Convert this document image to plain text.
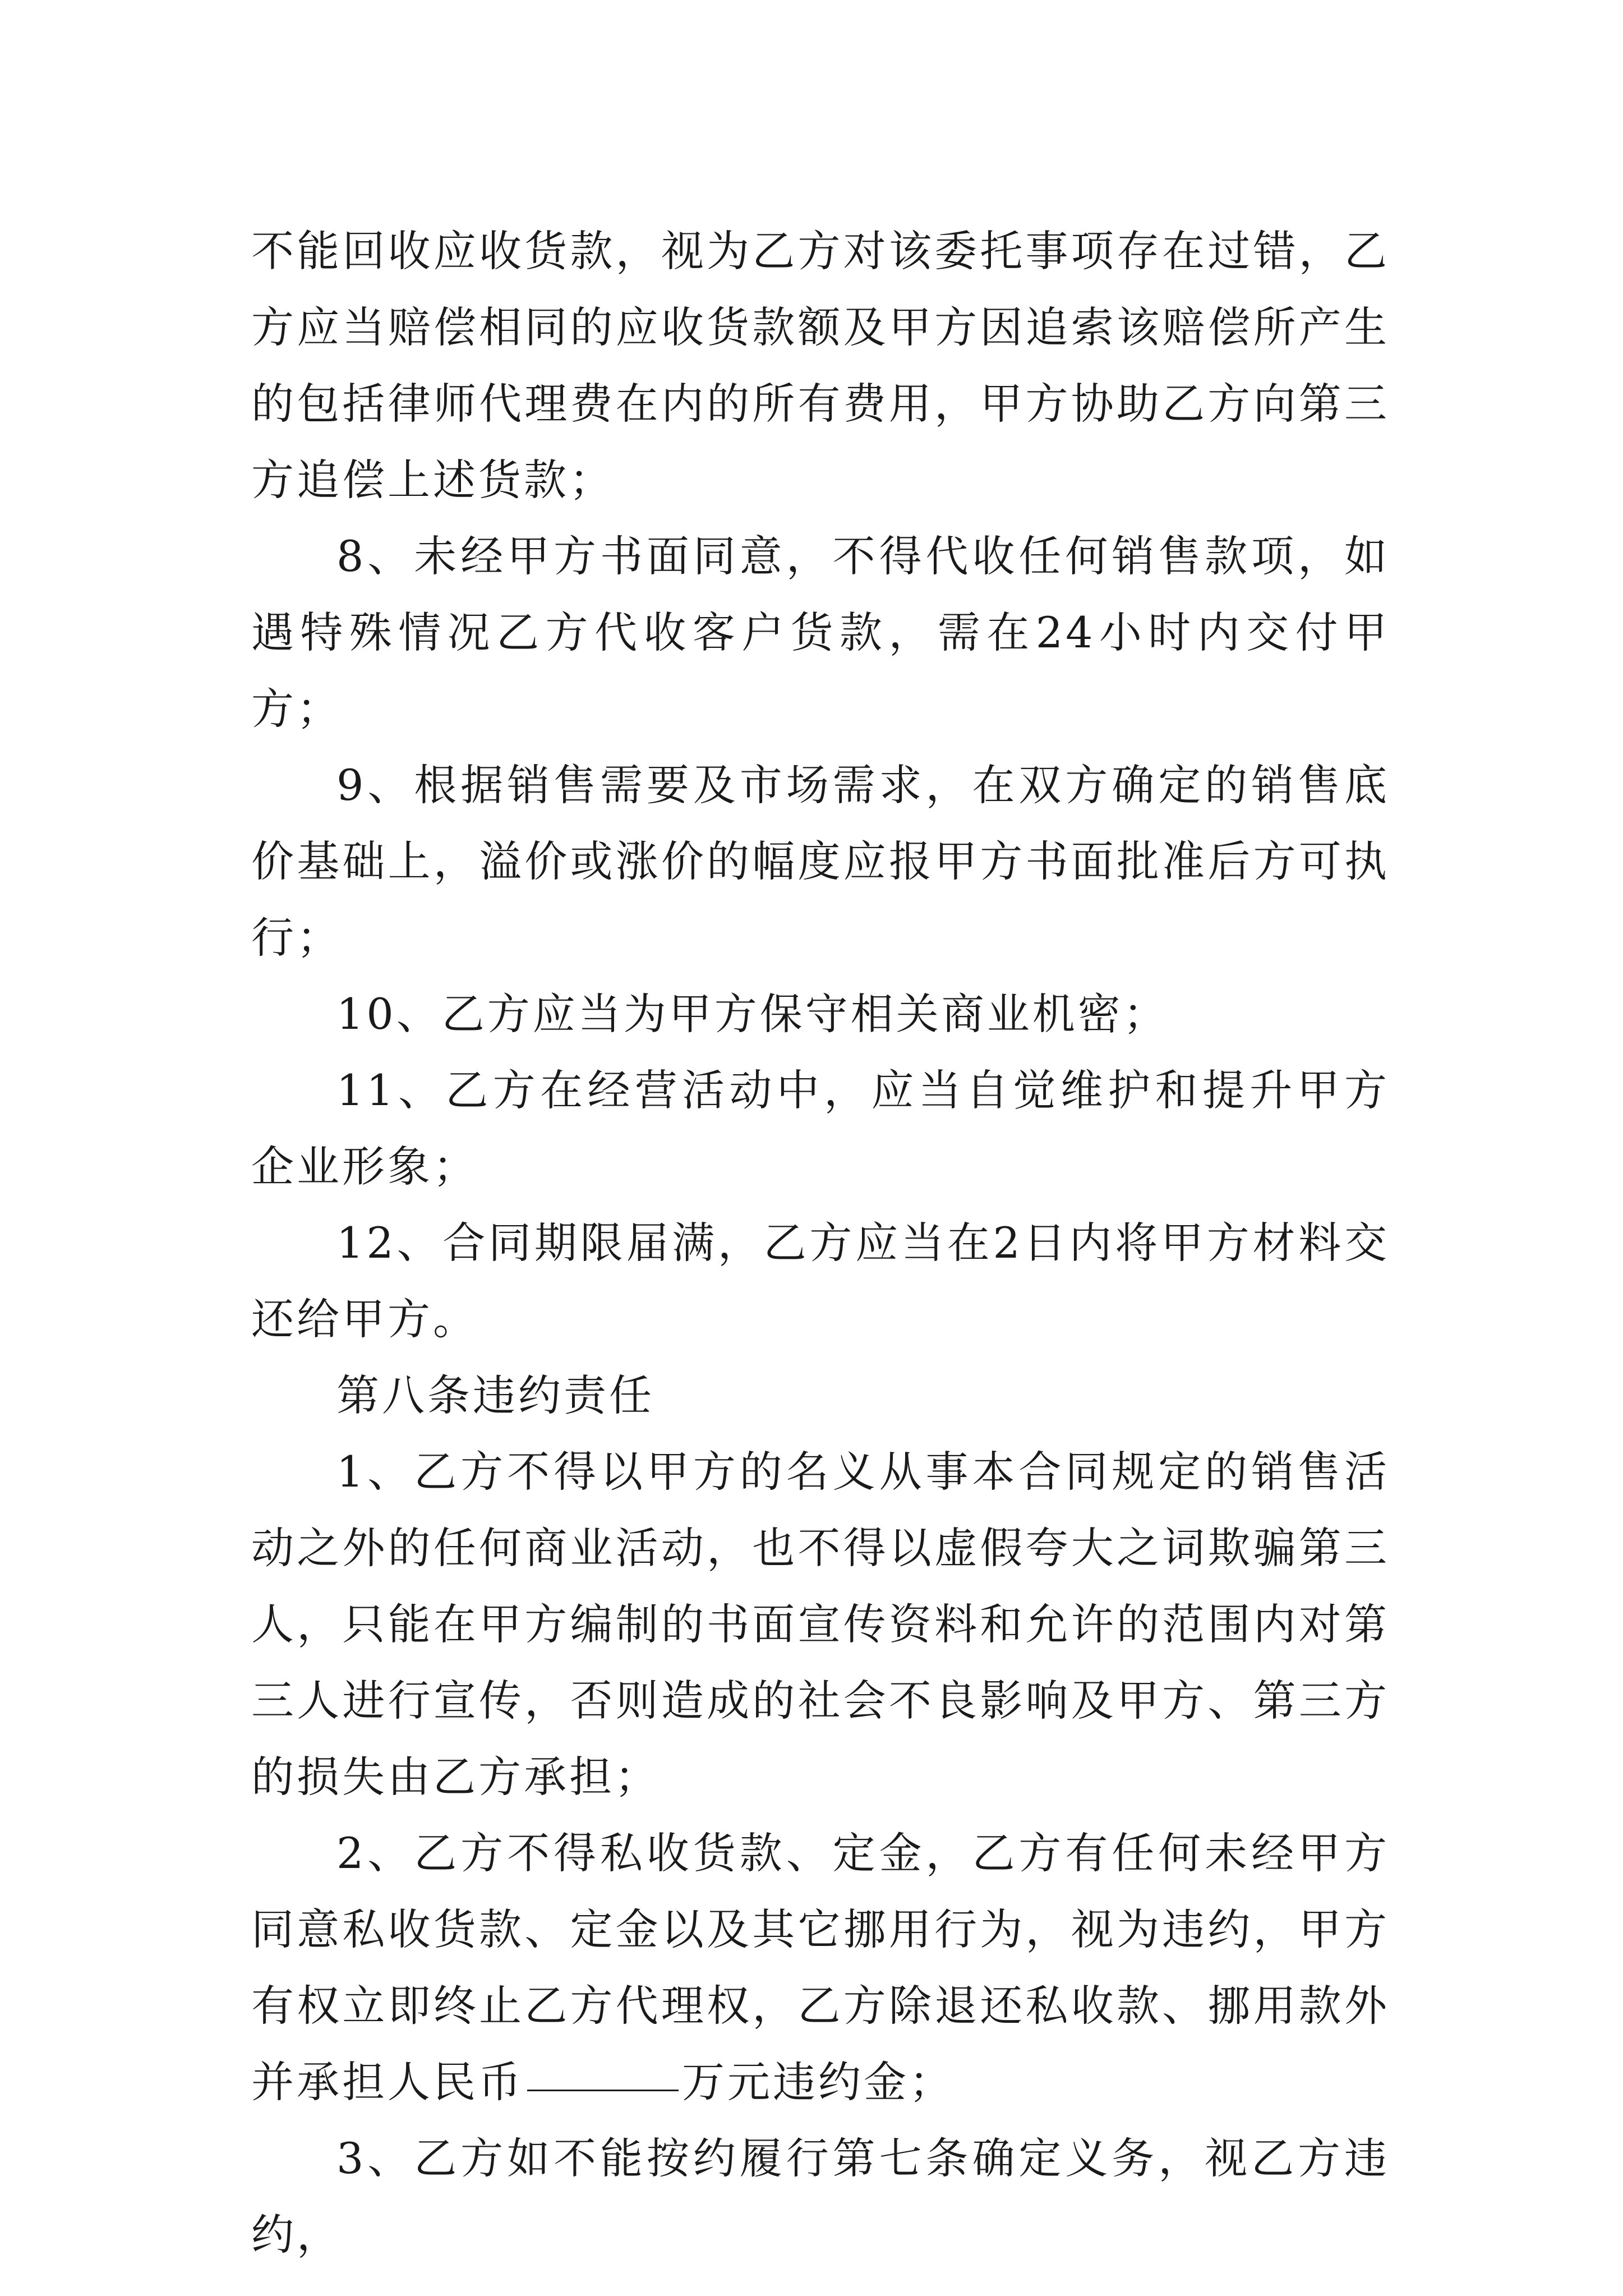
不能回收应收货款，视为乙方对该委托事项存在过错，乙方应当赔偿相同的应收货款额及甲方因追索该赔偿所产生的包括律师代理费在内的所有费用，甲方协助乙方向第三方追偿上述货款；

8、未经甲方书面同意，不得代收任何销售款项，如遇特殊情况乙方代收客户货款，需在24小时内交付甲方；

9、根据销售需要及市场需求，在双方确定的销售底价基础上，溢价或涨价的幅度应报甲方书面批准后方可执行；

10、乙方应当为甲方保守相关商业机密；

11、乙方在经营活动中，应当自觉维护和提升甲方企业形象；

12、合同期限届满，乙方应当在2日内将甲方材料交还给甲方。

第八条违约责任

1、乙方不得以甲方的名义从事本合同规定的销售活动之外的任何商业活动，也不得以虚假夸大之词欺骗第三人，只能在甲方编制的书面宣传资料和允许的范围内对第三人进行宣传，否则造成的社会不良影响及甲方、第三方的损失由乙方承担；

2、乙方不得私收货款、定金，乙方有任何未经甲方同意私收货款、定金以及其它挪用行为，视为违约，甲方有权立即终止乙方代理权，乙方除退还私收款、挪用款外并承担人民币	万元违约金；

3、乙方如不能按约履行第七条确定义务，视乙方违约，
